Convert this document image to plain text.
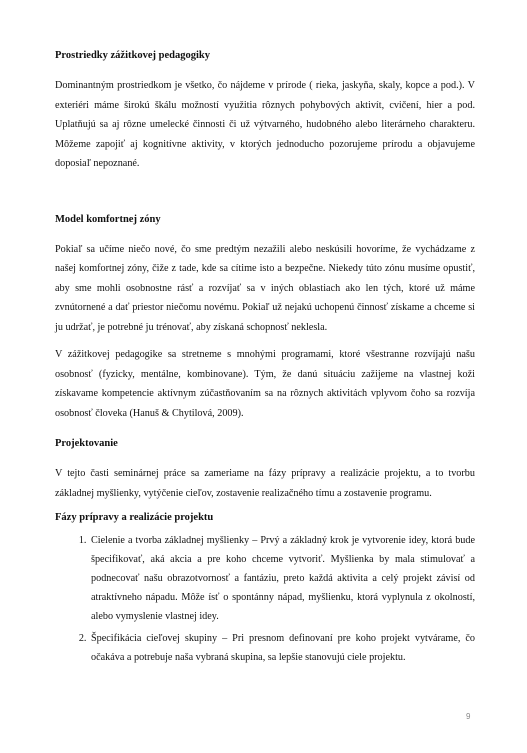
Prostriedky zážitkovej pedagogiky

Dominantným prostriedkom je všetko, čo nájdeme v prírode ( rieka, jaskyňa, skaly, kopce a pod.). V exteriéri máme širokú škálu možností využitia rôznych pohybových aktivít, cvičení, hier a pod. Uplatňujú sa aj rôzne umelecké činnosti či už výtvarného, hudobného alebo literárneho charakteru. Môžeme zapojiť aj kognitívne aktivity, v ktorých jednoducho pozorujeme prírodu a objavujeme doposiaľ nepoznané.

Model komfortnej zóny

Pokiaľ sa učíme niečo nové, čo sme predtým nezažili alebo neskúsili hovoríme, že vychádzame z našej komfortnej zóny, čiže z tade, kde sa cítime isto a bezpečne. Niekedy túto zónu musíme opustiť, aby sme mohli osobnostne rásť a rozvíjať sa v iných oblastiach ako len tých, ktoré už máme zvnútornené a dať priestor niečomu novému. Pokiaľ už nejakú uchopenú činnosť získame a chceme si ju udržať, je potrebné ju trénovať, aby získaná schopnosť neklesla.

V zážitkovej pedagogike sa stretneme s mnohými programami, ktoré všestranne rozvíjajú našu osobnosť (fyzicky, mentálne, kombinovane). Tým, že danú situáciu zažijeme na vlastnej koži získavame kompetencie aktívnym zúčastňovaním sa na rôznych aktivitách vplyvom čoho sa rozvíja osobnosť človeka (Hanuš & Chytilová, 2009).

Projektovanie

V tejto časti seminárnej práce sa zameriame na fázy prípravy a realizácie projektu, a to tvorbu základnej myšlienky, vytýčenie cieľov, zostavenie realizačného tímu a zostavenie programu.

Fázy prípravy a realizácie projektu

1. Cielenie a tvorba základnej myšlienky – Prvý a základný krok je vytvorenie idey, ktorá bude špecifikovať, aká akcia a pre koho chceme vytvoriť. Myšlienka by mala stimulovať a podnecovať našu obrazotvornosť a fantáziu, preto každá aktivita a celý projekt závisí od atraktívneho nápadu. Môže ísť o spontánny nápad, myšlienku, ktorá vyplynula z okolností, alebo vymyslenie vlastnej idey.
2. Špecifikácia cieľovej skupiny – Pri presnom definovaní pre koho projekt vytvárame, čo očakáva a potrebuje naša vybraná skupina, sa lepšie stanovujú ciele projektu.
9
